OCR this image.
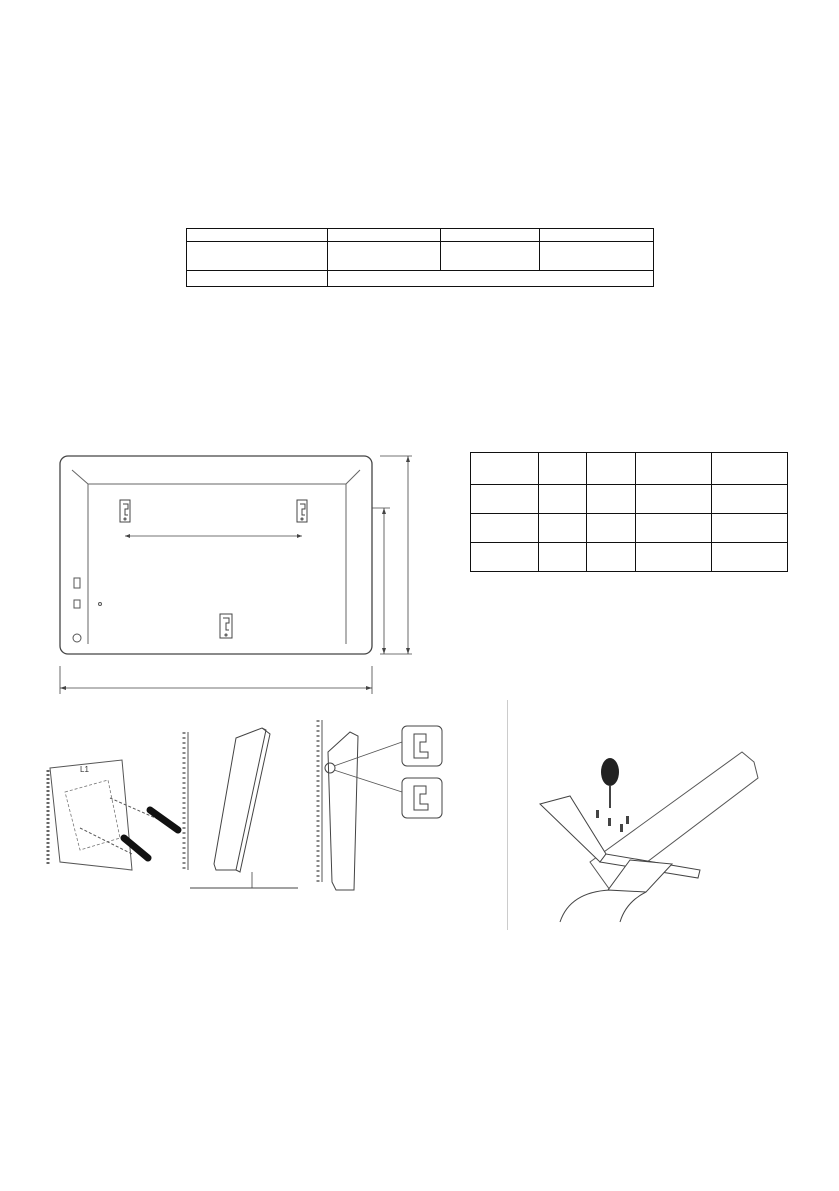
L1
